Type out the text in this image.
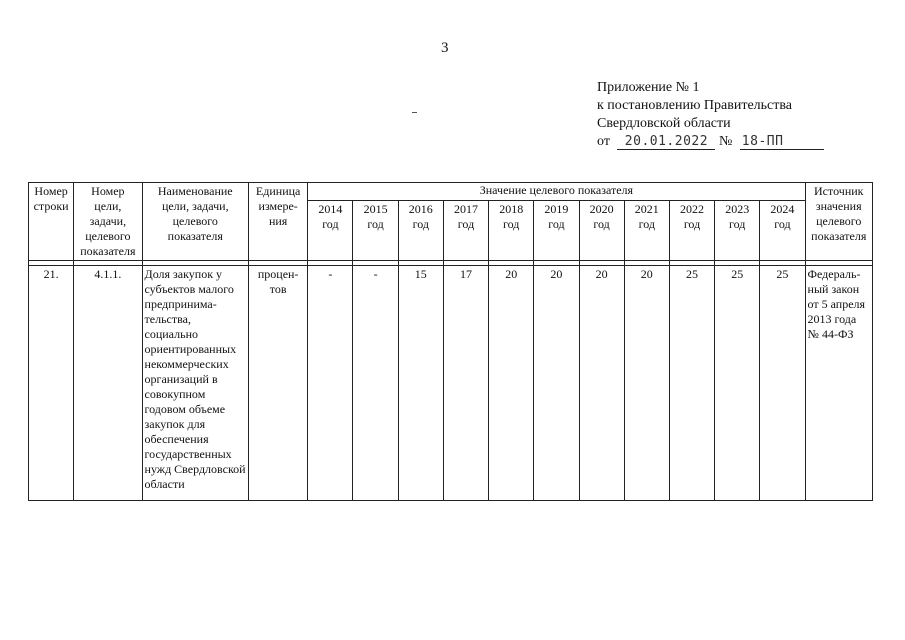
3
Приложение № 1
к постановлению Правительства
Свердловской области
от 20.01.2022 № 18-ПП
Номер строки	Номер цели, задачи, целевого показателя	Наименование цели, задачи, целевого показателя	Единица измере-ния	Значение целевого показателя											Источник значения целевого показателя
				2014 год	2015 год	2016 год	2017 год	2018 год	2019 год	2020 год	2021 год	2022 год	2023 год	2024 год	

21.	4.1.1.	Доля закупок у субъектов малого предпринима-тельства, социально ориентированных некоммерческих организаций в совокупном годовом объеме закупок для обеспечения государственных нужд Свердловской области	процен-тов	-	-	15	17	20	20	20	20	25	25	25	Федераль-ный закон от 5 апреля 2013 года № 44-ФЗ
